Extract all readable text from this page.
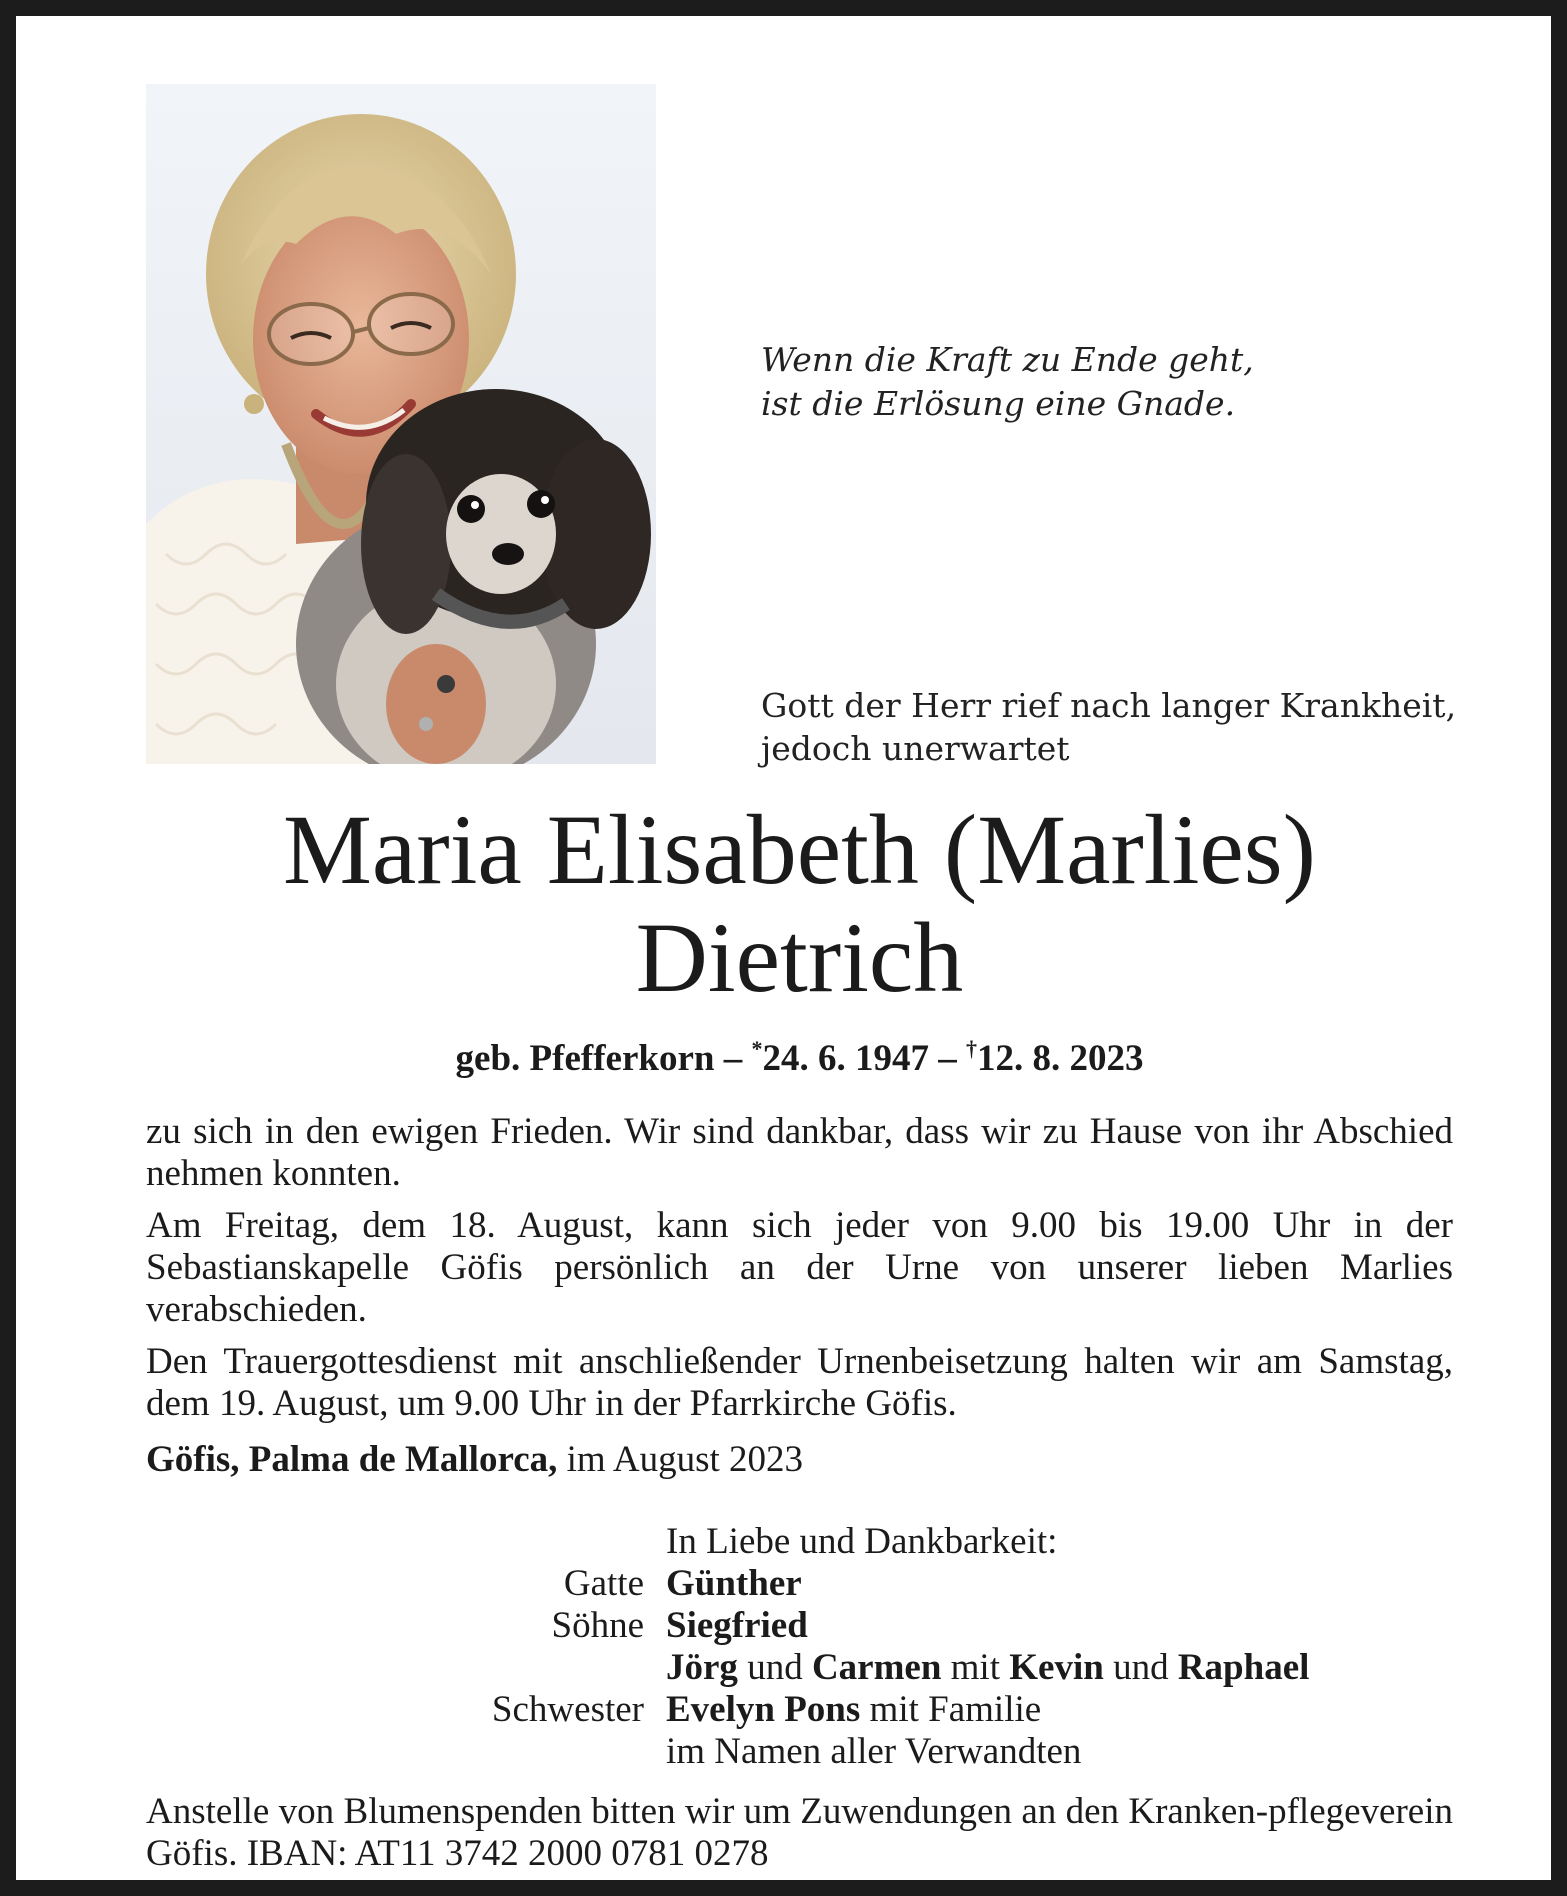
Wenn die Kraft zu Ende geht,
ist die Erlösung eine Gnade.
Gott der Herr rief nach langer Krankheit,
jedoch unerwartet
Maria Elisabeth (Marlies)
Dietrich
geb. Pfefferkorn – *24. 6. 1947 – †12. 8. 2023

zu sich in den ewigen Frieden. Wir sind dankbar, dass wir zu Hause von ihr Abschied nehmen konnten.

Am Freitag, dem 18. August, kann sich jeder von 9.00 bis 19.00 Uhr in der Sebastianskapelle Göfis persönlich an der Urne von unserer lieben Marlies verabschieden.

Den Trauergottesdienst mit anschließender Urnenbeisetzung halten wir am Samstag, dem 19. August, um 9.00 Uhr in der Pfarrkirche Göfis.

Göfis, Palma de Mallorca, im August 2023

In Liebe und Dankbarkeit:
Gatte Günther
Söhne Siegfried
Jörg und Carmen mit Kevin und Raphael
Schwester Evelyn Pons mit Familie
im Namen aller Verwandten

Anstelle von Blumenspenden bitten wir um Zuwendungen an den Kranken-pflegeverein Göfis. IBAN: AT11 3742 2000 0781 0278
